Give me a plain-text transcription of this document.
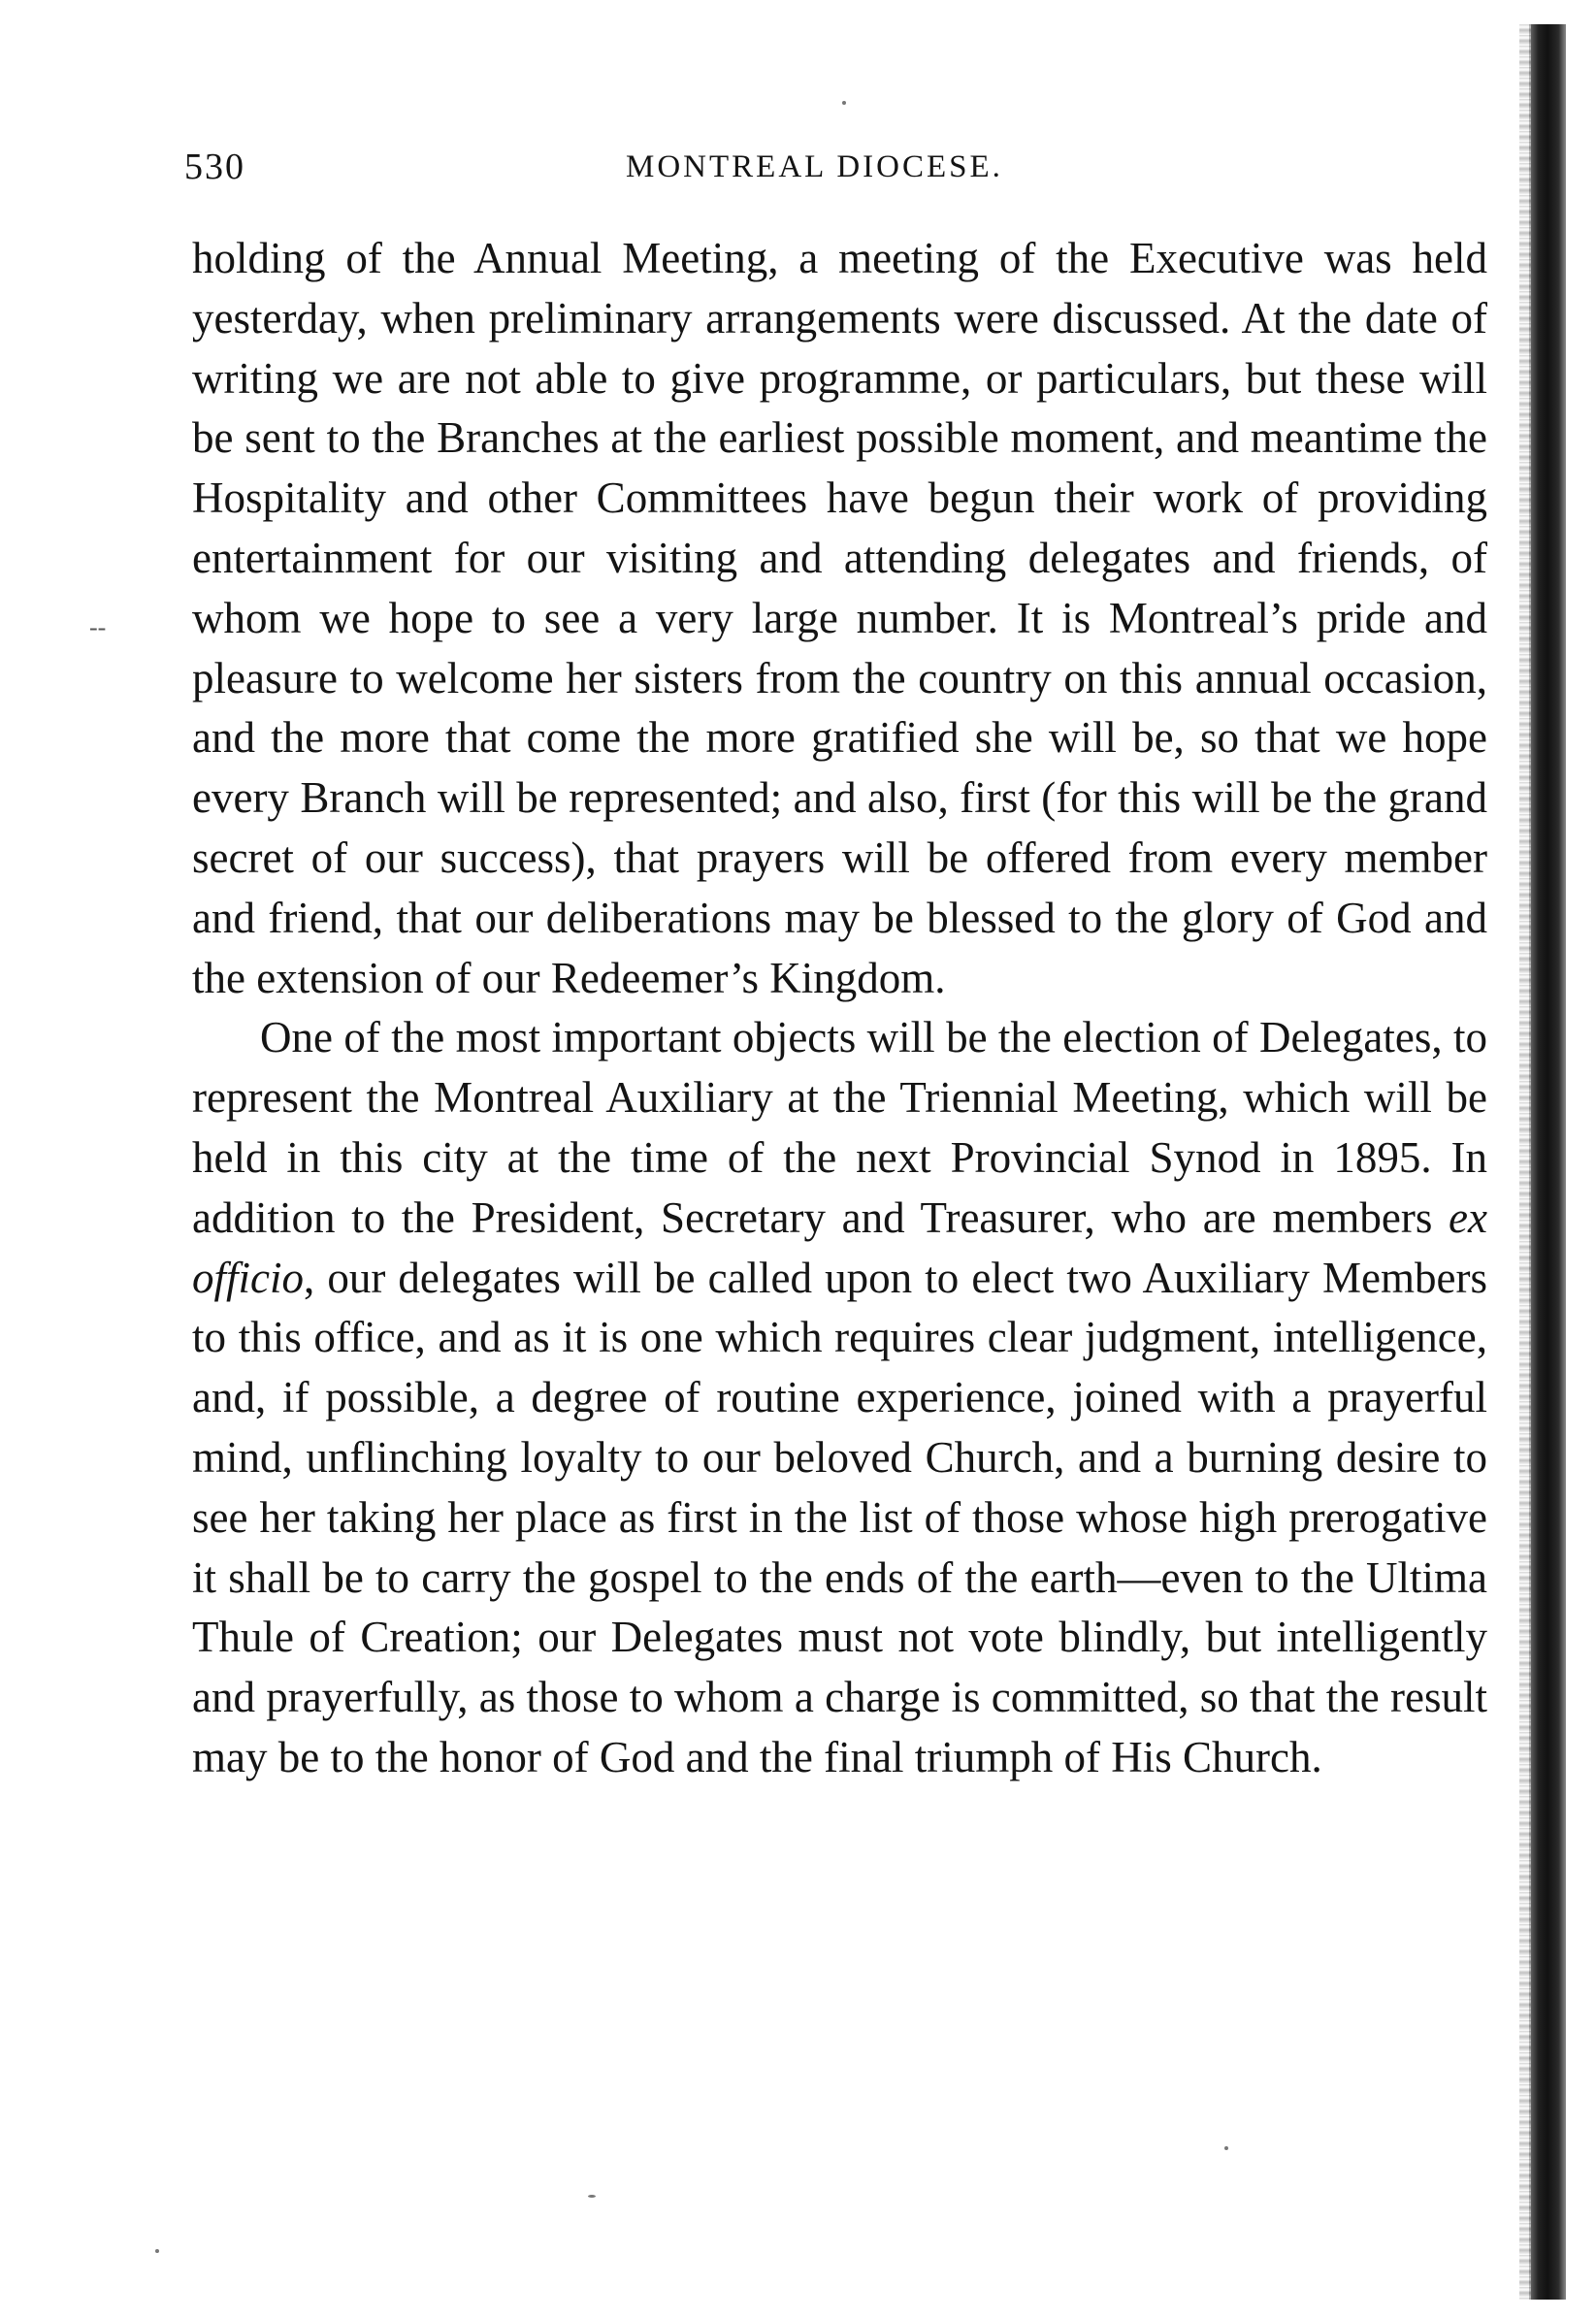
530	MONTREAL DIOCESE.
--

holding of the Annual Meeting, a meeting of the Executive was held yesterday, when preliminary arrangements were discussed. At the date of writing we are not able to give programme, or particulars, but these will be sent to the Branches at the earliest possible moment, and meantime the Hospitality and other Committees have begun their work of providing entertainment for our visiting and attending delegates and friends, of whom we hope to see a very large number. It is Montreal’s pride and pleasure to welcome her sisters from the country on this annual occasion, and the more that come the more gratified she will be, so that we hope every Branch will be represented; and also, first (for this will be the grand secret of our success), that prayers will be offered from every member and friend, that our deliberations may be blessed to the glory of God and the extension of our Redeemer’s Kingdom.

One of the most important objects will be the election of Delegates, to represent the Montreal Auxiliary at the Triennial Meeting, which will be held in this city at the time of the next Provincial Synod in 1895. In addition to the President, Secretary and Treasurer, who are members ex officio, our delegates will be called upon to elect two Auxiliary Members to this office, and as it is one which requires clear judgment, intelligence, and, if possible, a degree of routine experience, joined with a prayerful mind, unflinching loyalty to our beloved Church, and a burning desire to see her taking her place as first in the list of those whose high prerogative it shall be to carry the gospel to the ends of the earth—even to the Ultima Thule of Creation; our Delegates must not vote blindly, but intelligently and prayerfully, as those to whom a charge is committed, so that the result may be to the honor of God and the final triumph of His Church.
